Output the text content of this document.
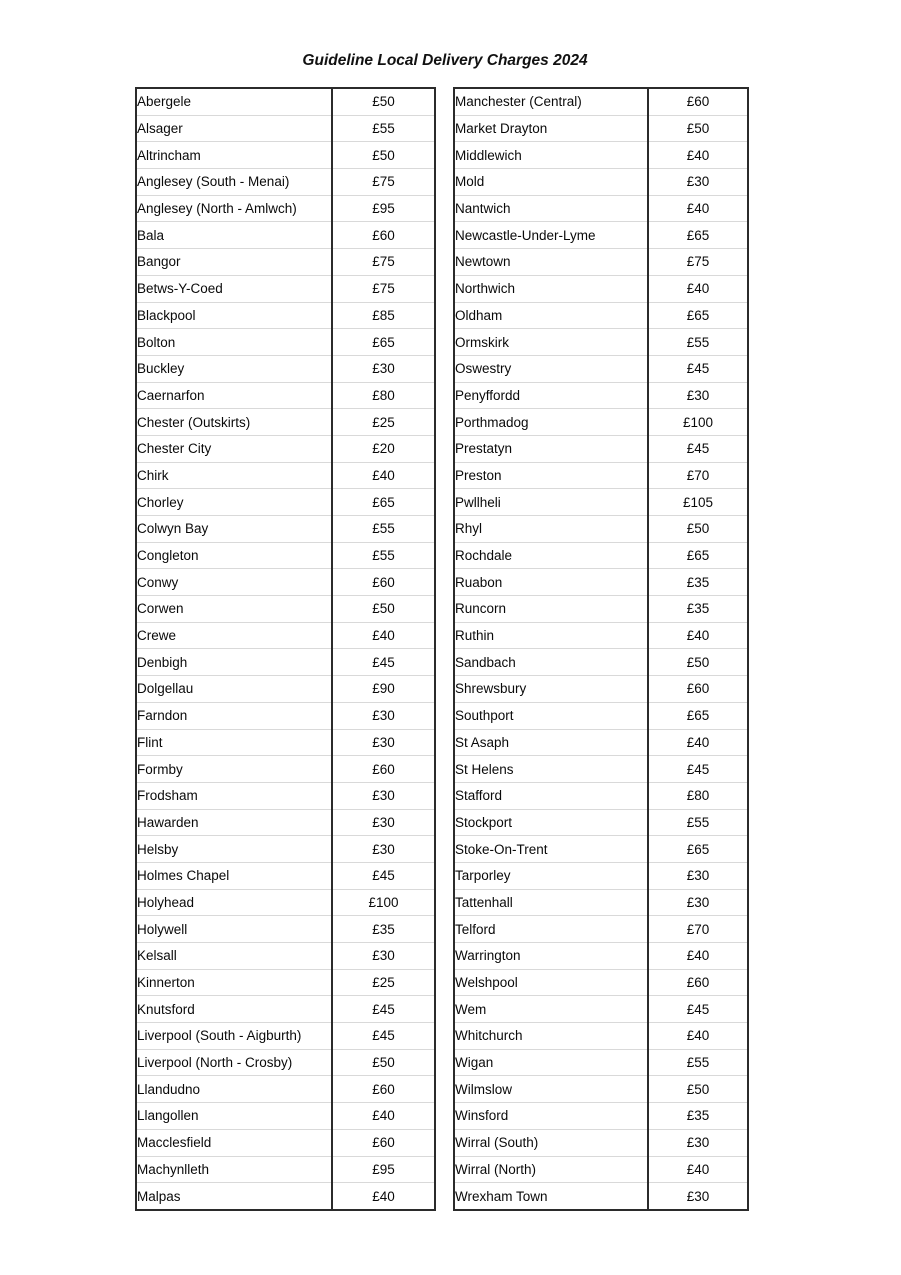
Guideline Local Delivery Charges 2024
Abergele	£50
Alsager	£55
Altrincham	£50
Anglesey (South - Menai)	£75
Anglesey (North - Amlwch)	£95
Bala	£60
Bangor	£75
Betws-Y-Coed	£75
Blackpool	£85
Bolton	£65
Buckley	£30
Caernarfon	£80
Chester (Outskirts)	£25
Chester City	£20
Chirk	£40
Chorley	£65
Colwyn Bay	£55
Congleton	£55
Conwy	£60
Corwen	£50
Crewe	£40
Denbigh	£45
Dolgellau	£90
Farndon	£30
Flint	£30
Formby	£60
Frodsham	£30
Hawarden	£30
Helsby	£30
Holmes Chapel	£45
Holyhead	£100
Holywell	£35
Kelsall	£30
Kinnerton	£25
Knutsford	£45
Liverpool (South - Aigburth)	£45
Liverpool (North - Crosby)	£50
Llandudno	£60
Llangollen	£40
Macclesfield	£60
Machynlleth	£95
Malpas	£40
Manchester (Central)	£60
Market Drayton	£50
Middlewich	£40
Mold	£30
Nantwich	£40
Newcastle-Under-Lyme	£65
Newtown	£75
Northwich	£40
Oldham	£65
Ormskirk	£55
Oswestry	£45
Penyffordd	£30
Porthmadog	£100
Prestatyn	£45
Preston	£70
Pwllheli	£105
Rhyl	£50
Rochdale	£65
Ruabon	£35
Runcorn	£35
Ruthin	£40
Sandbach	£50
Shrewsbury	£60
Southport	£65
St Asaph	£40
St Helens	£45
Stafford	£80
Stockport	£55
Stoke-On-Trent	£65
Tarporley	£30
Tattenhall	£30
Telford	£70
Warrington	£40
Welshpool	£60
Wem	£45
Whitchurch	£40
Wigan	£55
Wilmslow	£50
Winsford	£35
Wirral (South)	£30
Wirral (North)	£40
Wrexham Town	£30
